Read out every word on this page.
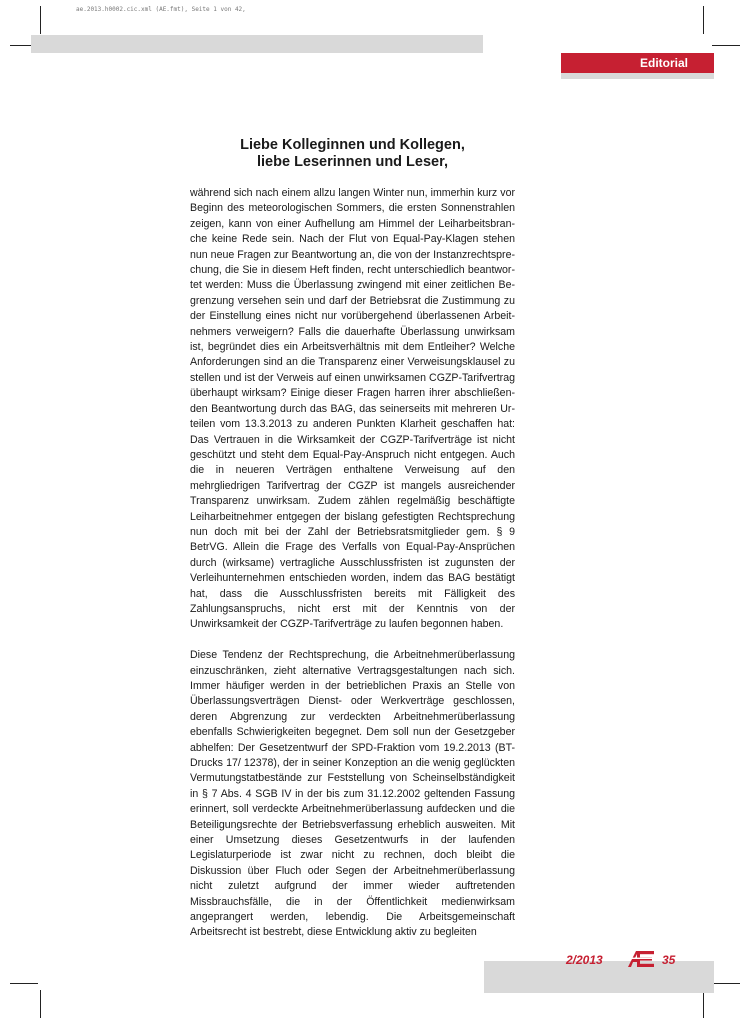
ae.2013.h0002.cic.xml (AE.fmt), Seite 1 von 42,
Editorial
Liebe Kolleginnen und Kollegen,
liebe Leserinnen und Leser,

während sich nach einem allzu langen Winter nun, immerhin kurz vor Beginn des meteorologischen Sommers, die ersten Sonnenstrahlen zeigen, kann von einer Aufhellung am Himmel der Leiharbeitsbranche keine Rede sein. Nach der Flut von Equal-Pay-Klagen stehen nun neue Fragen zur Beantwortung an, die von der Instanzrechtsprechung, die Sie in diesem Heft finden, recht unterschiedlich beantwortet werden: Muss die Überlassung zwingend mit einer zeitlichen Begrenzung versehen sein und darf der Betriebsrat die Zustimmung zu der Einstellung eines nicht nur vorübergehend überlassenen Arbeitnehmers verweigern? Falls die dauerhafte Überlassung unwirksam ist, begründet dies ein Arbeitsverhältnis mit dem Entleiher? Welche Anforderungen sind an die Transparenz einer Verweisungsklausel zu stellen und ist der Verweis auf einen unwirksamen CGZP-Tarifvertrag überhaupt wirksam? Einige dieser Fragen harren ihrer abschließenden Beantwortung durch das BAG, das seinerseits mit mehreren Urteilen vom 13.3.2013 zu anderen Punkten Klarheit geschaffen hat: Das Vertrauen in die Wirksamkeit der CGZP-Tarifverträge ist nicht geschützt und steht dem Equal-Pay-Anspruch nicht entgegen. Auch die in neueren Verträgen enthaltene Verweisung auf den mehrgliedrigen Tarifvertrag der CGZP ist mangels ausreichender Transparenz unwirksam. Zudem zählen regelmäßig beschäftigte Leiharbeitnehmer entgegen der bislang gefestigten Rechtsprechung nun doch mit bei der Zahl der Betriebsratsmitglieder gem. § 9 BetrVG. Allein die Frage des Verfalls von Equal-Pay-Ansprüchen durch (wirksame) vertragliche Ausschlussfristen ist zugunsten der Verleihunternehmen entschieden worden, indem das BAG bestätigt hat, dass die Ausschlussfristen bereits mit Fälligkeit des Zahlungsanspruchs, nicht erst mit der Kenntnis von der Unwirksamkeit der CGZP-Tarifverträge zu laufen begonnen haben.

Diese Tendenz der Rechtsprechung, die Arbeitnehmerüberlassung einzuschränken, zieht alternative Vertragsgestaltungen nach sich. Immer häufiger werden in der betrieblichen Praxis an Stelle von Überlassungsverträgen Dienst- oder Werkverträge geschlossen, deren Abgrenzung zur verdeckten Arbeitnehmerüberlassung ebenfalls Schwierigkeiten begegnet. Dem soll nun der Gesetzgeber abhelfen: Der Gesetzentwurf der SPD-Fraktion vom 19.2.2013 (BT-Drucks 17/ 12378), der in seiner Konzeption an die wenig geglückten Vermutungstatbestände zur Feststellung von Scheinselbständigkeit in § 7 Abs. 4 SGB IV in der bis zum 31.12.2002 geltenden Fassung erinnert, soll verdeckte Arbeitnehmerüberlassung aufdecken und die Beteiligungsrechte der Betriebsverfassung erheblich ausweiten. Mit einer Umsetzung dieses Gesetzentwurfs in der laufenden Legislaturperiode ist zwar nicht zu rechnen, doch bleibt die Diskussion über Fluch oder Segen der Arbeitnehmerüberlassung nicht zuletzt aufgrund der immer wieder auftretenden Missbrauchsfälle, die in der Öffentlichkeit medienwirksam angeprangert werden, lebendig. Die Arbeitsgemeinschaft Arbeitsrecht ist bestrebt, diese Entwicklung aktiv zu begleiten

2/2013	35
